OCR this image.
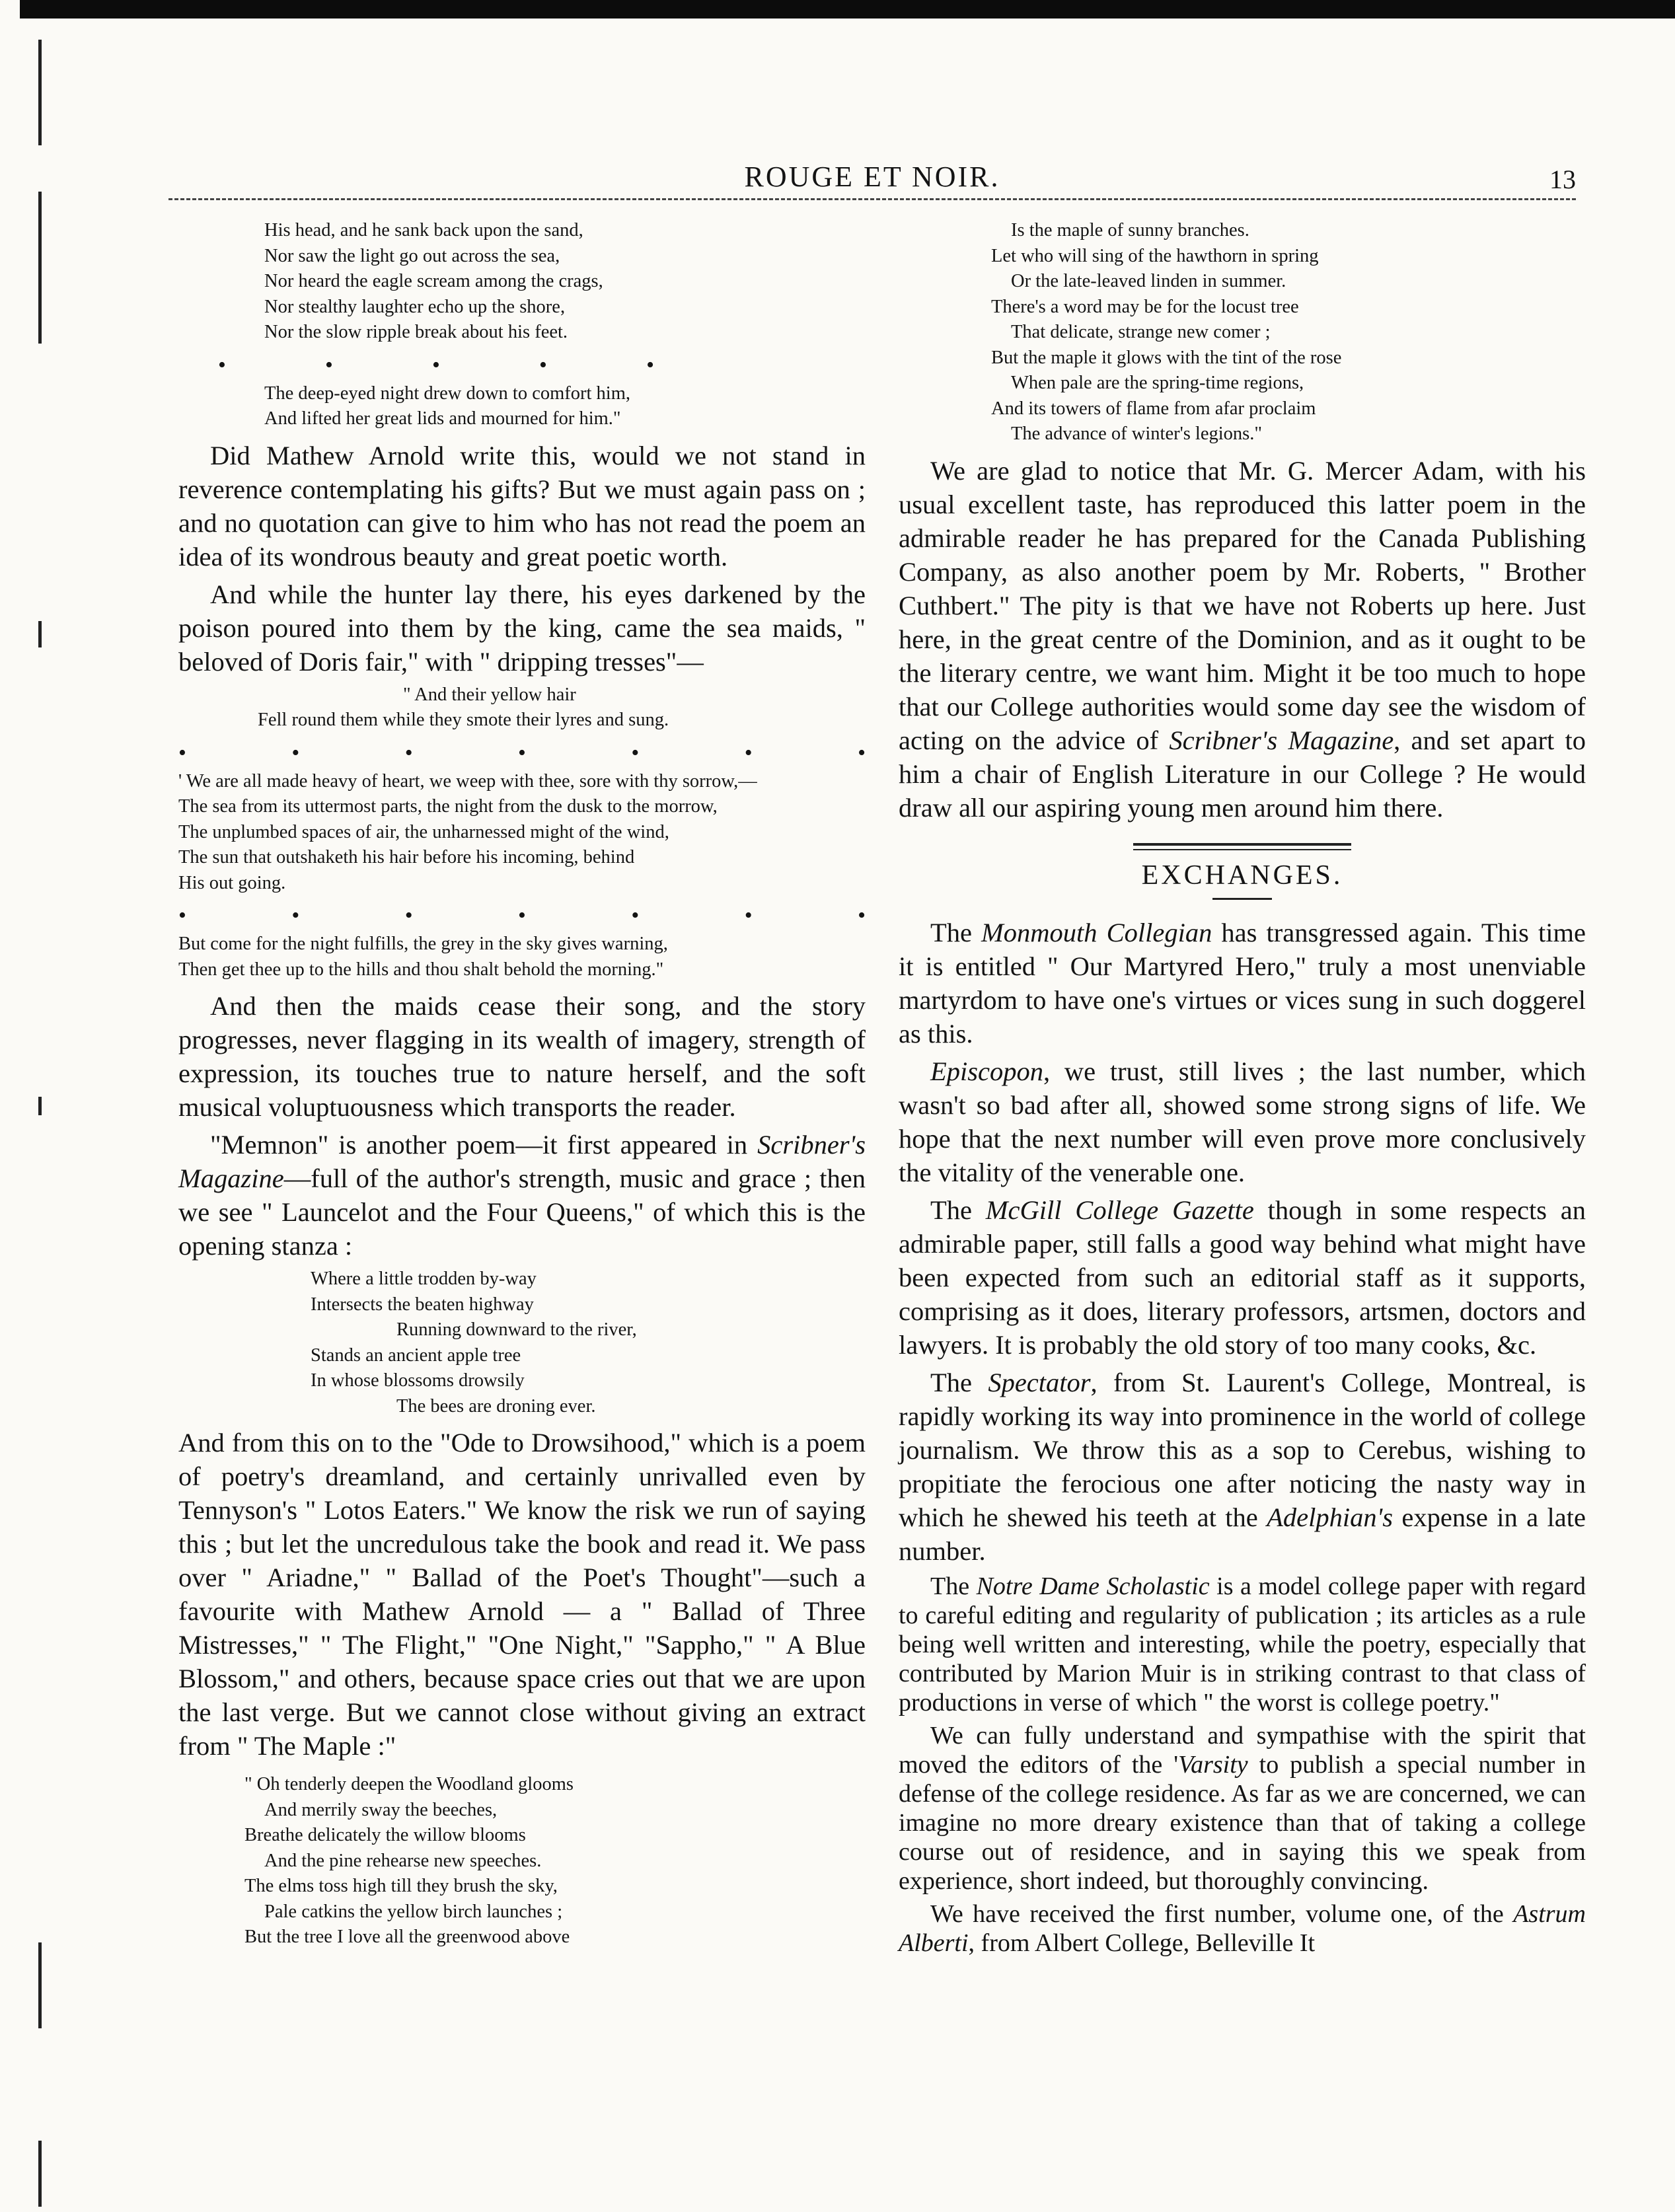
ROUGE ET NOIR.	13
His head, and he sank back upon the sand,
Nor saw the light go out across the sea,
Nor heard the eagle scream among the crags,
Nor stealthy laughter echo up the shore,
Nor the slow ripple break about his feet.
•	•	•	•	•
The deep-eyed night drew down to comfort him,
And lifted her great lids and mourned for him."

Did Mathew Arnold write this, would we not stand in reverence contemplating his gifts? But we must again pass on ; and no quotation can give to him who has not read the poem an idea of its wondrous beauty and great poetic worth.

And while the hunter lay there, his eyes darkened by the poison poured into them by the king, came the sea maids, " beloved of Doris fair," with " dripping tresses"—

" And their yellow hair
Fell round them while they smote their lyres and sung.
•	•	•	•	•	•	•
' We are all made heavy of heart, we weep with thee, sore with thy sorrow,—
The sea from its uttermost parts, the night from the dusk to the morrow,
The unplumbed spaces of air, the unharnessed might of the wind,
The sun that outshaketh his hair before his incoming, behind
His out going.
•	•	•	•	•	•	•
But come for the night fulfills, the grey in the sky gives warning,
Then get thee up to the hills and thou shalt behold the morning."

And then the maids cease their song, and the story progresses, never flagging in its wealth of imagery, strength of expression, its touches true to nature herself, and the soft musical voluptuousness which transports the reader.

"Memnon" is another poem—it first appeared in Scribner's Magazine—full of the author's strength, music and grace ; then we see " Launcelot and the Four Queens," of which this is the opening stanza :

Where a little trodden by-way
Intersects the beaten highway
Running downward to the river,
Stands an ancient apple tree
In whose blossoms drowsily
The bees are droning ever.

And from this on to the "Ode to Drowsihood," which is a poem of poetry's dreamland, and certainly unrivalled even by Tennyson's " Lotos Eaters." We know the risk we run of saying this ; but let the uncredulous take the book and read it. We pass over " Ariadne," " Ballad of the Poet's Thought"—such a favourite with Mathew Arnold — a " Ballad of Three Mistresses," " The Flight," "One Night," "Sappho," " A Blue Blossom," and others, because space cries out that we are upon the last verge. But we cannot close without giving an extract from " The Maple :"

" Oh tenderly deepen the Woodland glooms
And merrily sway the beeches,
Breathe delicately the willow blooms
And the pine rehearse new speeches.
The elms toss high till they brush the sky,
Pale catkins the yellow birch launches ;
But the tree I love all the greenwood above
Is the maple of sunny branches.
Let who will sing of the hawthorn in spring
Or the late-leaved linden in summer.
There's a word may be for the locust tree
That delicate, strange new comer ;
But the maple it glows with the tint of the rose
When pale are the spring-time regions,
And its towers of flame from afar proclaim
The advance of winter's legions."

We are glad to notice that Mr. G. Mercer Adam, with his usual excellent taste, has reproduced this latter poem in the admirable reader he has prepared for the Canada Publishing Company, as also another poem by Mr. Roberts, " Brother Cuthbert." The pity is that we have not Roberts up here. Just here, in the great centre of the Dominion, and as it ought to be the literary centre, we want him. Might it be too much to hope that our College authorities would some day see the wisdom of acting on the advice of Scribner's Magazine, and set apart to him a chair of English Literature in our College ? He would draw all our aspiring young men around him there.

EXCHANGES.

The Monmouth Collegian has transgressed again. This time it is entitled " Our Martyred Hero," truly a most unenviable martyrdom to have one's virtues or vices sung in such doggerel as this.

Episcopon, we trust, still lives ; the last number, which wasn't so bad after all, showed some strong signs of life. We hope that the next number will even prove more conclusively the vitality of the venerable one.

The McGill College Gazette though in some respects an admirable paper, still falls a good way behind what might have been expected from such an editorial staff as it supports, comprising as it does, literary professors, artsmen, doctors and lawyers. It is probably the old story of too many cooks, &c.

The Spectator, from St. Laurent's College, Montreal, is rapidly working its way into prominence in the world of college journalism. We throw this as a sop to Cerebus, wishing to propitiate the ferocious one after noticing the nasty way in which he shewed his teeth at the Adelphian's expense in a late number.

The Notre Dame Scholastic is a model college paper with regard to careful editing and regularity of publication ; its articles as a rule being well written and interesting, while the poetry, especially that contributed by Marion Muir is in striking contrast to that class of productions in verse of which " the worst is college poetry."

We can fully understand and sympathise with the spirit that moved the editors of the 'Varsity to publish a special number in defense of the college residence. As far as we are concerned, we can imagine no more dreary existence than that of taking a college course out of residence, and in saying this we speak from experience, short indeed, but thoroughly convincing.

We have received the first number, volume one, of the Astrum Alberti, from Albert College, Belleville It
